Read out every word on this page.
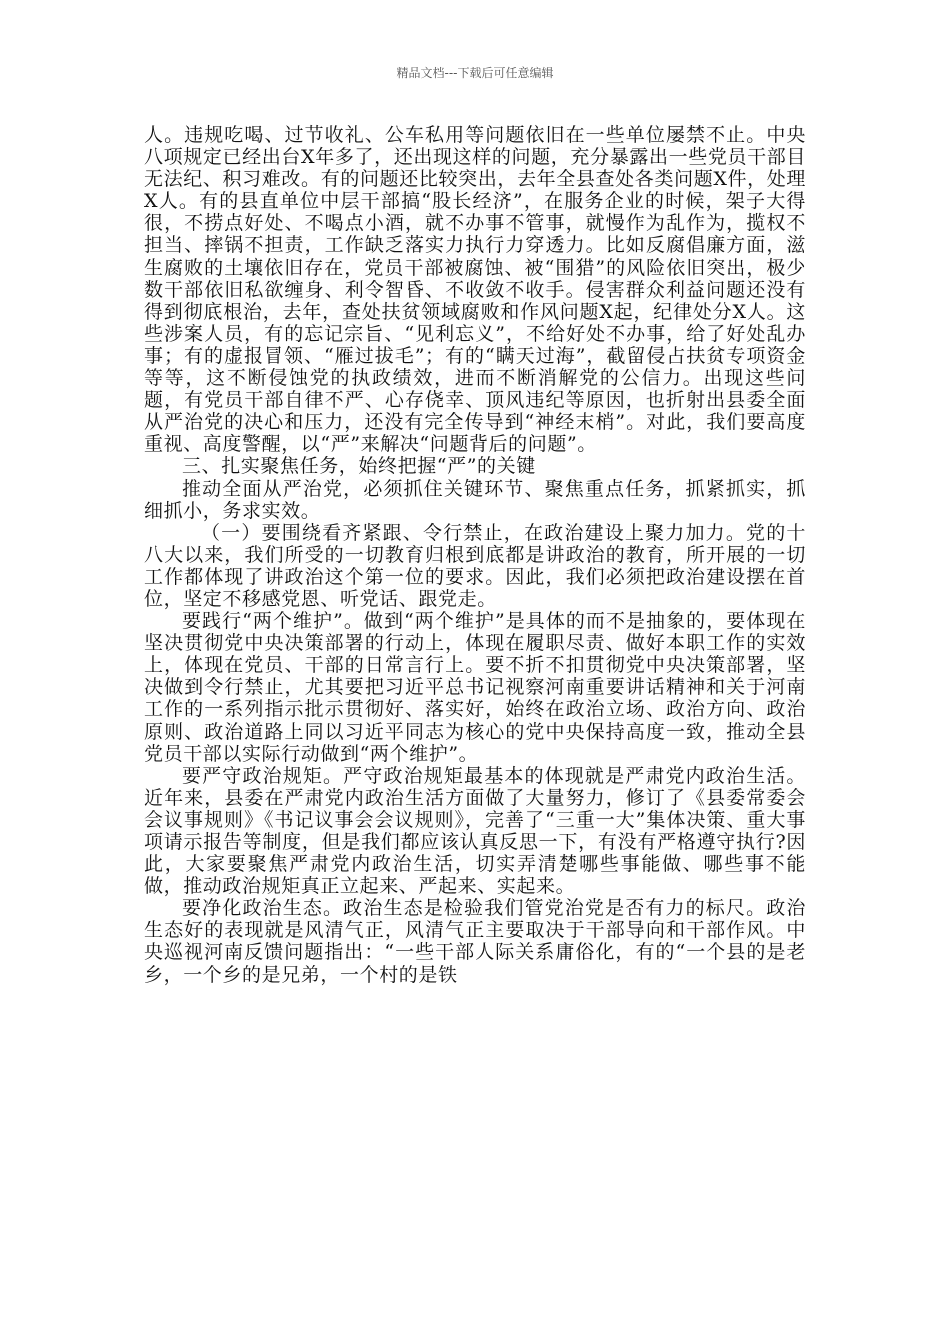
精品文档---下载后可任意编辑

人。违规吃喝、过节收礼、公车私用等问题依旧在一些单位屡禁不止。中央八项规定已经出台X年多了，还出现这样的问题，充分暴露出一些党员干部目无法纪、积习难改。有的问题还比较突出，去年全县查处各类问题X件，处理X人。有的县直单位中层干部搞“股长经济”，在服务企业的时候，架子大得很，不捞点好处、不喝点小酒，就不办事不管事，就慢作为乱作为，揽权不担当、摔锅不担责，工作缺乏落实力执行力穿透力。比如反腐倡廉方面，滋生腐败的土壤依旧存在，党员干部被腐蚀、被“围猎”的风险依旧突出，极少数干部依旧私欲缠身、利令智昏、不收敛不收手。侵害群众利益问题还没有得到彻底根治，去年，查处扶贫领域腐败和作风问题X起，纪律处分X人。这些涉案人员，有的忘记宗旨、“见利忘义”，不给好处不办事，给了好处乱办事；有的虚报冒领、“雁过拔毛”；有的“瞒天过海”，截留侵占扶贫专项资金等等，这不断侵蚀党的执政绩效，进而不断消解党的公信力。出现这些问题，有党员干部自律不严、心存侥幸、顶风违纪等原因，也折射出县委全面从严治党的决心和压力，还没有完全传导到“神经末梢”。对此，我们要高度重视、高度警醒，以“严”来解决“问题背后的问题”。

三、扎实聚焦任务，始终把握“严”的关键

推动全面从严治党，必须抓住关键环节、聚焦重点任务，抓紧抓实，抓细抓小，务求实效。

（一）要围绕看齐紧跟、令行禁止，在政治建设上聚力加力。党的十八大以来，我们所受的一切教育归根到底都是讲政治的教育，所开展的一切工作都体现了讲政治这个第一位的要求。因此，我们必须把政治建设摆在首位，坚定不移感党恩、听党话、跟党走。

要践行“两个维护”。做到“两个维护”是具体的而不是抽象的，要体现在坚决贯彻党中央决策部署的行动上，体现在履职尽责、做好本职工作的实效上，体现在党员、干部的日常言行上。要不折不扣贯彻党中央决策部署，坚决做到令行禁止，尤其要把习近平总书记视察河南重要讲话精神和关于河南工作的一系列指示批示贯彻好、落实好，始终在政治立场、政治方向、政治原则、政治道路上同以习近平同志为核心的党中央保持高度一致，推动全县党员干部以实际行动做到“两个维护”。

要严守政治规矩。严守政治规矩最基本的体现就是严肃党内政治生活。近年来，县委在严肃党内政治生活方面做了大量努力，修订了《县委常委会会议事规则》《书记议事会会议规则》，完善了“三重一大”集体决策、重大事项请示报告等制度，但是我们都应该认真反思一下，有没有严格遵守执行?因此，大家要聚焦严肃党内政治生活，切实弄清楚哪些事能做、哪些事不能做，推动政治规矩真正立起来、严起来、实起来。

要净化政治生态。政治生态是检验我们管党治党是否有力的标尺。政治生态好的表现就是风清气正，风清气正主要取决于干部导向和干部作风。中央巡视河南反馈问题指出：“一些干部人际关系庸俗化，有的“一个县的是老乡，一个乡的是兄弟，一个村的是铁
